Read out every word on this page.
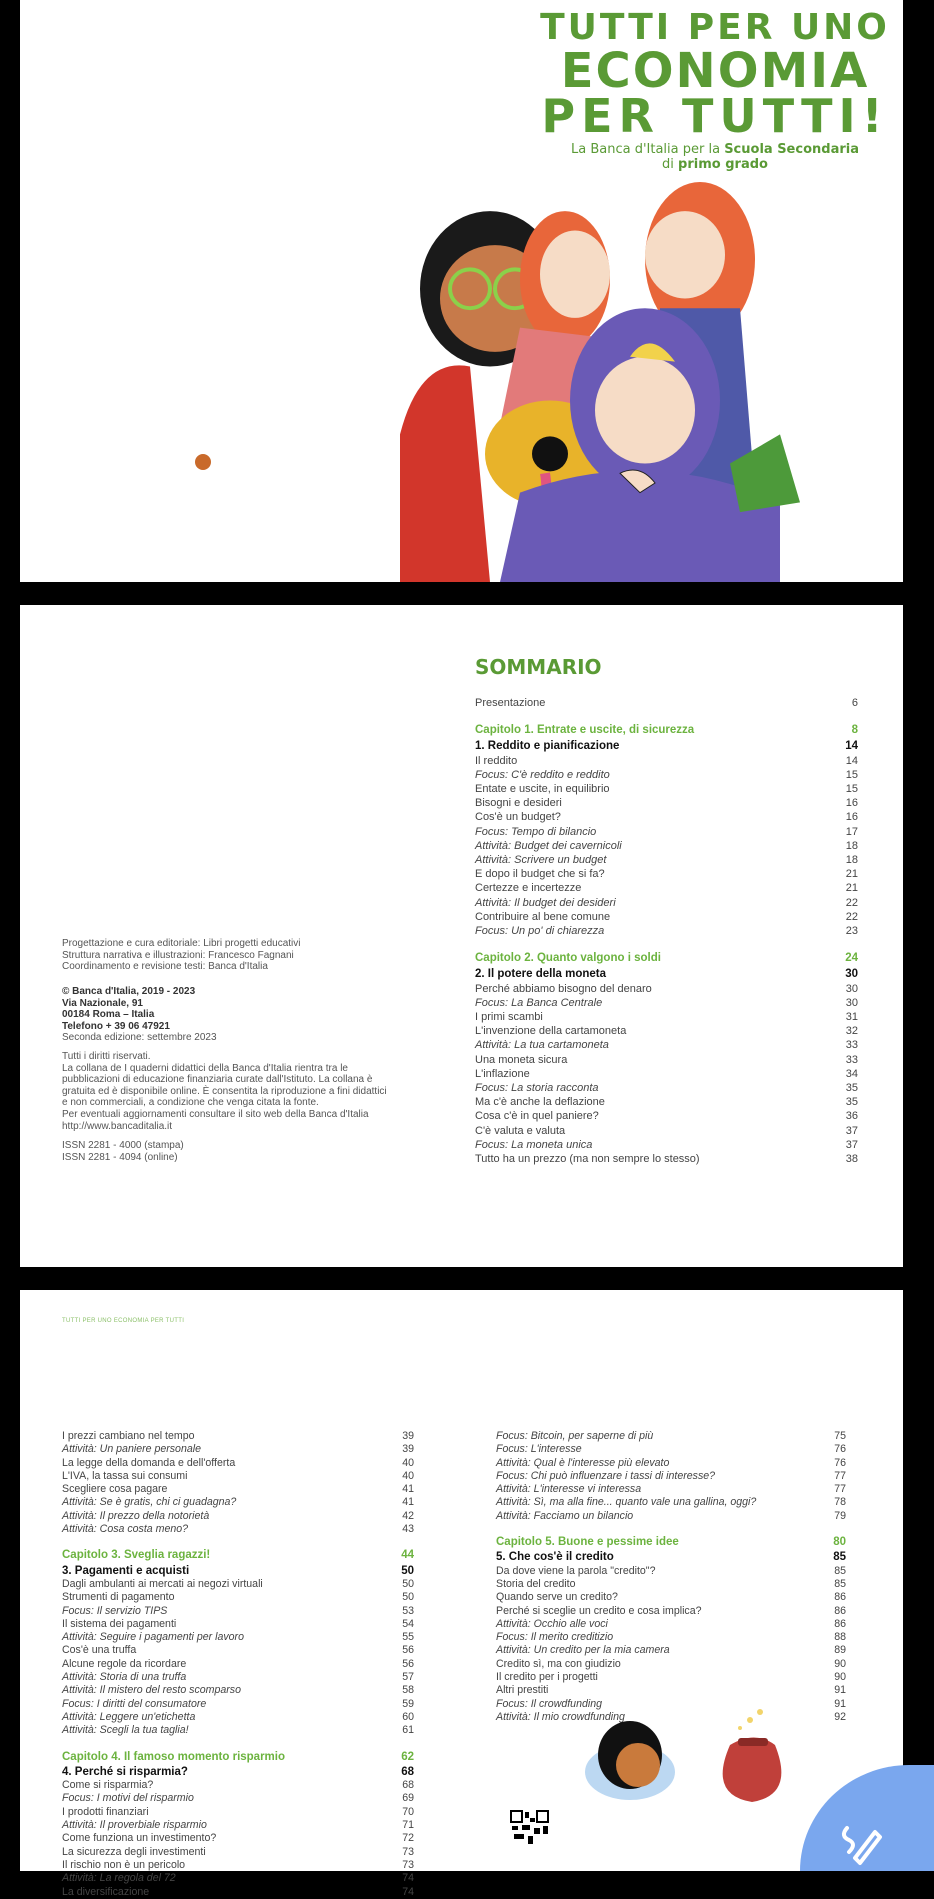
TUTTI PER UNO
ECONOMIA
PER TUTTI!
La Banca d'Italia per la Scuola Secondaria
di primo grado
Progettazione e cura editoriale: Libri progetti educativi
Struttura narrativa e illustrazioni: Francesco Fagnani
Coordinamento e revisione testi: Banca d'Italia
© Banca d'Italia, 2019 - 2023
Via Nazionale, 91
00184 Roma – Italia
Telefono + 39 06 47921
Seconda edizione: settembre 2023
Tutti i diritti riservati.
La collana de I quaderni didattici della Banca d'Italia rientra tra le
pubblicazioni di educazione finanziaria curate dall'Istituto. La collana è
gratuita ed è disponibile online. È consentita la riproduzione a fini didattici
e non commerciali, a condizione che venga citata la fonte.
Per eventuali aggiornamenti consultare il sito web della Banca d'Italia
http://www.bancaditalia.it
ISSN 2281 - 4000 (stampa)
ISSN 2281 - 4094 (online)
SOMMARIO
Presentazione	6
Capitolo 1. Entrate e uscite, di sicurezza	8
1. Reddito e pianificazione	14
Il reddito	14
Focus: C'è reddito e reddito	15
Entate e uscite, in equilibrio	15
Bisogni e desideri	16
Cos'è un budget?	16
Focus: Tempo di bilancio	17
Attività: Budget dei cavernicoli	18
Attività: Scrivere un budget	18
E dopo il budget che si fa?	21
Certezze e incertezze	21
Attività: Il budget dei desideri	22
Contribuire al bene comune	22
Focus: Un po' di chiarezza	23
Capitolo 2. Quanto valgono i soldi	24
2. Il potere della moneta	30
Perché abbiamo bisogno del denaro	30
Focus: La Banca Centrale	30
I primi scambi	31
L'invenzione della cartamoneta	32
Attività: La tua cartamoneta	33
Una moneta sicura	33
L'inflazione	34
Focus: La storia racconta	35
Ma c'è anche la deflazione	35
Cosa c'è in quel paniere?	36
C'è valuta e valuta	37
Focus: La moneta unica	37
Tutto ha un prezzo (ma non sempre lo stesso)	38
TUTTI PER UNO ECONOMIA PER TUTTI
I prezzi cambiano nel tempo	39
Attività: Un paniere personale	39
La legge della domanda e dell'offerta	40
L'IVA, la tassa sui consumi	40
Scegliere cosa pagare	41
Attività: Se è gratis, chi ci guadagna?	41
Attività: Il prezzo della notorietà	42
Attività: Cosa costa meno?	43
Capitolo 3. Sveglia ragazzi!	44
3. Pagamenti e acquisti	50
Dagli ambulanti ai mercati ai negozi virtuali	50
Strumenti di pagamento	50
Focus: Il servizio TIPS	53
Il sistema dei pagamenti	54
Attività: Seguire i pagamenti per lavoro	55
Cos'è una truffa	56
Alcune regole da ricordare	56
Attività: Storia di una truffa	57
Attività: Il mistero del resto scomparso	58
Focus: I diritti del consumatore	59
Attività: Leggere un'etichetta	60
Attività: Scegli la tua taglia!	61
Capitolo 4. Il famoso momento risparmio	62
4. Perché si risparmia?	68
Come si risparmia?	68
Focus: I motivi del risparmio	69
I prodotti finanziari	70
Attività: Il proverbiale risparmio	71
Come funziona un investimento?	72
La sicurezza degli investimenti	73
Il rischio non è un pericolo	73
Attività: La regola del 72	74
La diversificazione	74
Focus: Bitcoin, per saperne di più	75
Focus: L'interesse	76
Attività: Qual è l'interesse più elevato	76
Focus: Chi può influenzare i tassi di interesse?	77
Attività: L'interesse vi interessa	77
Attività: Sì, ma alla fine... quanto vale una gallina, oggi?	78
Attività: Facciamo un bilancio	79
Capitolo 5. Buone e pessime idee	80
5. Che cos'è il credito	85
Da dove viene la parola "credito"?	85
Storia del credito	85
Quando serve un credito?	86
Perché si sceglie un credito e cosa implica?	86
Attività: Occhio alle voci	86
Focus: Il merito creditizio	88
Attività: Un credito per la mia camera	89
Credito sì, ma con giudizio	90
Il credito per i progetti	90
Altri prestiti	91
Focus: Il crowdfunding	91
Attività: Il mio crowdfunding	92
